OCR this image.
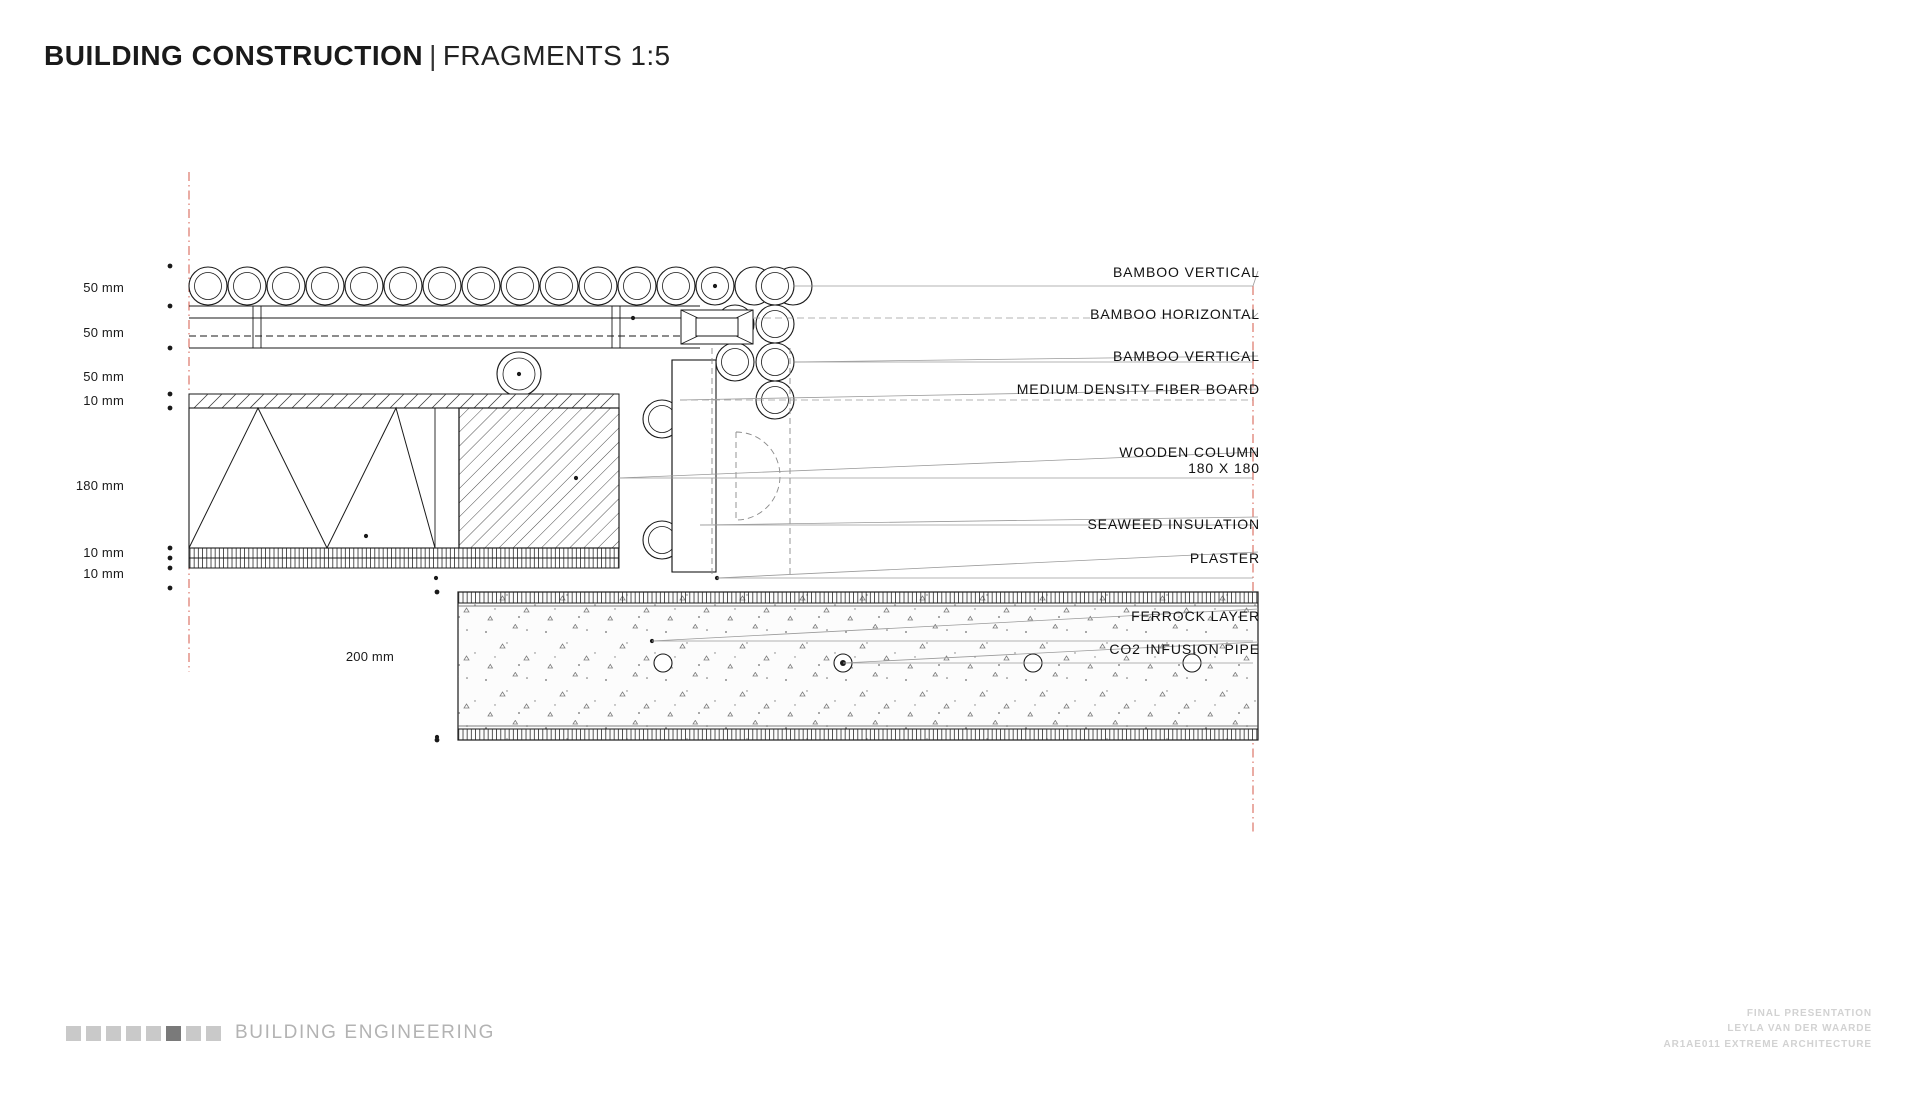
BUILDING CONSTRUCTION | FRAGMENTS 1:5
50 mm
50 mm
50 mm
10 mm
180 mm
10 mm
10 mm
200 mm
BAMBOO VERTICAL
BAMBOO HORIZONTAL
BAMBOO VERTICAL
MEDIUM DENSITY FIBER BOARD
WOODEN COLUMN
180 X 180
SEAWEED INSULATION
PLASTER
FERROCK LAYER
CO2 INFUSION PIPE
BUILDING ENGINEERING
FINAL PRESENTATION
LEYLA VAN DER WAARDE
AR1AE011 EXTREME ARCHITECTURE
